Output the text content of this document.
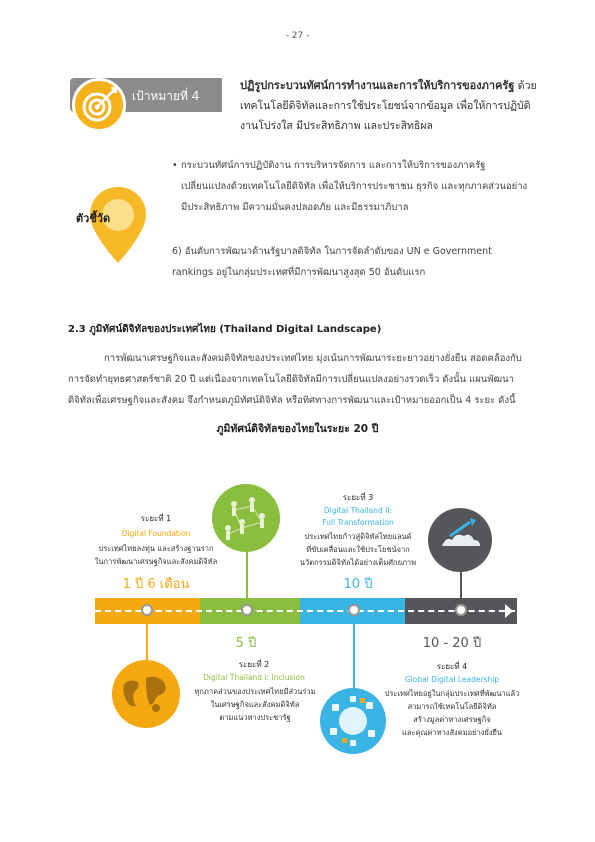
- 27 -
เป้าหมายที่ 4
ปฏิรูปกระบวนทัศน์การทำงานและการให้บริการของภาครัฐ ด้วยเทคโนโลยีดิจิทัลและการใช้ประโยชน์จากข้อมูล เพื่อให้การปฏิบัติงานโปร่งใส มีประสิทธิภาพ และประสิทธิผล
ตัวชี้วัด
• กระบวนทัศน์การปฏิบัติงาน การบริหารจัดการ และการให้บริการของภาครัฐเปลี่ยนแปลงด้วยเทคโนโลยีดิจิทัล เพื่อให้บริการประชาชน ธุรกิจ และทุกภาคส่วนอย่างมีประสิทธิภาพ มีความมั่นคงปลอดภัย และมีธรรมาภิบาล
6) อันดับการพัฒนาด้านรัฐบาลดิจิทัล ในการจัดลำดับของ UN e Government rankings อยู่ในกลุ่มประเทศที่มีการพัฒนาสูงสุด 50 อันดับแรก
2.3 ภูมิทัศน์ดิจิทัลของประเทศไทย (Thailand Digital Landscape)
การพัฒนาเศรษฐกิจและสังคมดิจิทัลของประเทศไทย มุ่งเน้นการพัฒนาระยะยาวอย่างยั่งยืน สอดคล้องกับการจัดทำยุทธศาสตร์ชาติ 20 ปี แต่เนื่องจากเทคโนโลยีดิจิทัลมีการเปลี่ยนแปลงอย่างรวดเร็ว ดังนั้น แผนพัฒนาดิจิทัลเพื่อเศรษฐกิจและสังคม จึงกำหนดภูมิทัศน์ดิจิทัล หรือทิศทางการพัฒนาและเป้าหมายออกเป็น 4 ระยะ ดังนี้
ภูมิทัศน์ดิจิทัลของไทยในระยะ 20 ปี
ระยะที่ 1
Digital Foundation
ประเทศไทยลงทุน และสร้างฐานราก
ในการพัฒนาเศรษฐกิจและสังคมดิจิทัล
1 ปี 6 เดือน
5 ปี
ระยะที่ 2
Digital Thailand I: Inclusion
ทุกภาคส่วนของประเทศไทยมีส่วนร่วม
ในเศรษฐกิจและสังคมดิจิทัล
ตามแนวทางประชารัฐ
ระยะที่ 3
Digital Thailand II:
Full Transformation
ประเทศไทยก้าวสู่ดิจิทัลไทยแลนด์
ที่ขับเคลื่อนและใช้ประโยชน์จาก
นวัตกรรมดิจิทัลได้อย่างเต็มศักยภาพ
10 ปี
10 - 20 ปี
ระยะที่ 4
Global Digital Leadership
ประเทศไทยอยู่ในกลุ่มประเทศที่พัฒนาแล้ว
สามารถใช้เทคโนโลยีดิจิทัล
สร้างมูลค่าทางเศรษฐกิจ
และคุณค่าทางสังคมอย่างยั่งยืน
